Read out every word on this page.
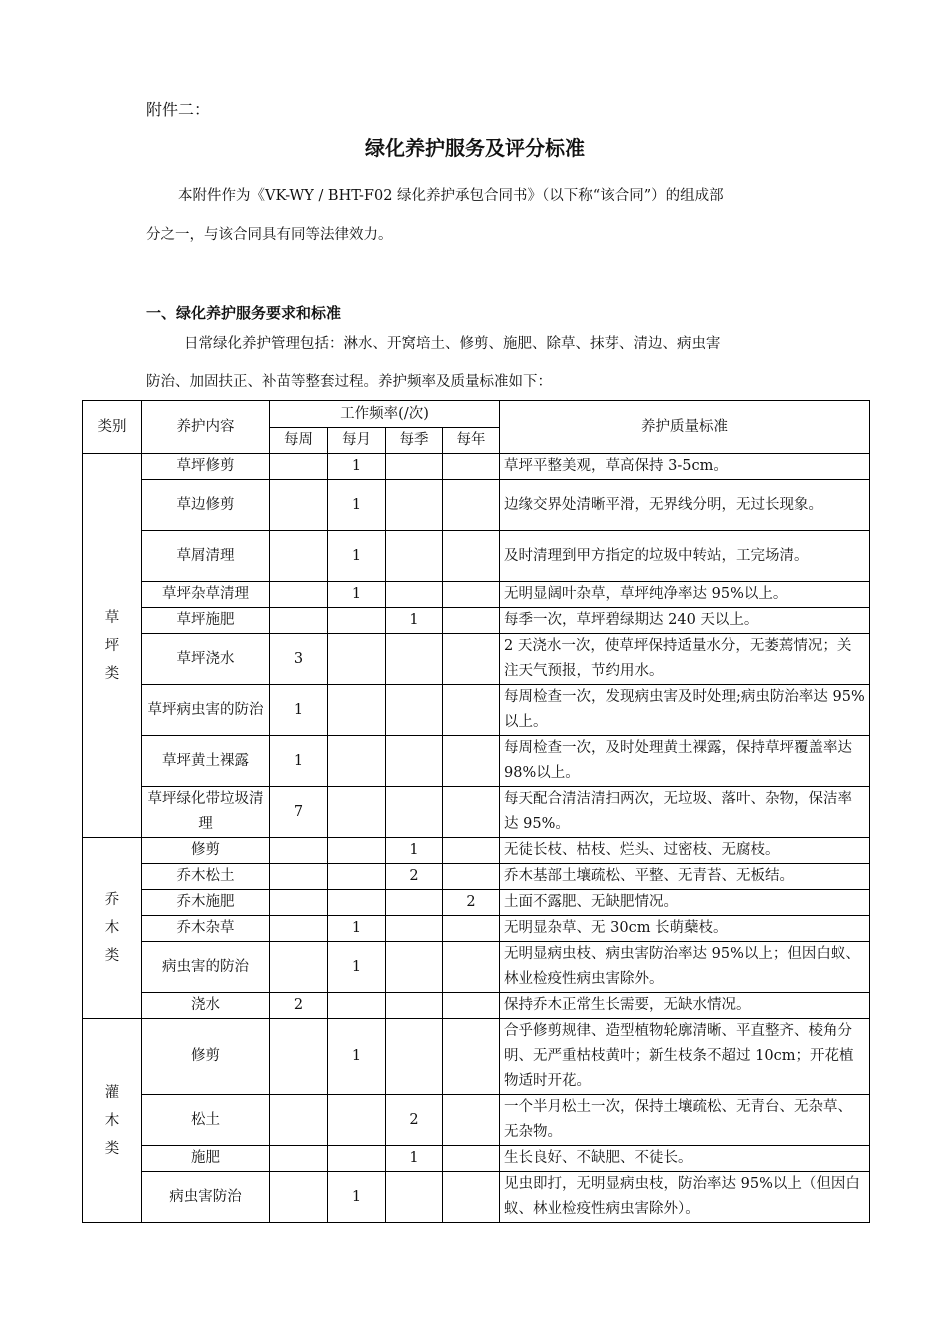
附件二：
绿化养护服务及评分标准
本附件作为《VK-WY / BHT-F02 绿化养护承包合同书》（以下称“该合同”）的组成部
分之一，与该合同具有同等法律效力。
一、绿化养护服务要求和标准
日常绿化养护管理包括：淋水、开窝培土、修剪、施肥、除草、抹芽、清边、病虫害
防治、加固扶正、补苗等整套过程。养护频率及质量标准如下：
类别	养护内容	工作频率(/次)				养护质量标准
		每周	每月	每季	每年	

草
坪
类	草坪修剪		1			草坪平整美观，草高保持 3-5cm。
	草边修剪		1			边缘交界处清晰平滑，无界线分明，无过长现象。
	草屑清理		1			及时清理到甲方指定的垃圾中转站，工完场清。
	草坪杂草清理		1			无明显阔叶杂草，草坪纯净率达 95%以上。
	草坪施肥			1		每季一次，草坪碧绿期达 240 天以上。
	草坪浇水	3				2 天浇水一次，使草坪保持适量水分，无萎蔫情况；关注天气预报，节约用水。
	草坪病虫害的防治	1				每周检查一次，发现病虫害及时处理;病虫防治率达 95%以上。
	草坪黄土裸露	1				每周检查一次，及时处理黄土裸露，保持草坪覆盖率达 98%以上。
	草坪绿化带垃圾清理	7				每天配合清洁清扫两次，无垃圾、落叶、杂物，保洁率达 95%。

乔
木
类	修剪			1		无徒长枝、枯枝、烂头、过密枝、无腐枝。
	乔木松土			2		乔木基部土壤疏松、平整、无青苔、无板结。
	乔木施肥				2	土面不露肥、无缺肥情况。
	乔木杂草		1			无明显杂草、无 30cm 长萌蘖枝。
	病虫害的防治		1			无明显病虫枝、病虫害防治率达 95%以上；但因白蚁、林业检疫性病虫害除外。
	浇水	2				保持乔木正常生长需要，无缺水情况。

灌
木
类	修剪		1			合乎修剪规律、造型植物轮廓清晰、平直整齐、棱角分明、无严重枯枝黄叶；新生枝条不超过 10cm；开花植物适时开花。
	松土			2		一个半月松土一次，保持土壤疏松、无青台、无杂草、无杂物。
	施肥			1		生长良好、不缺肥、不徒长。
	病虫害防治		1			见虫即打，无明显病虫枝，防治率达 95%以上（但因白蚁、林业检疫性病虫害除外）。
